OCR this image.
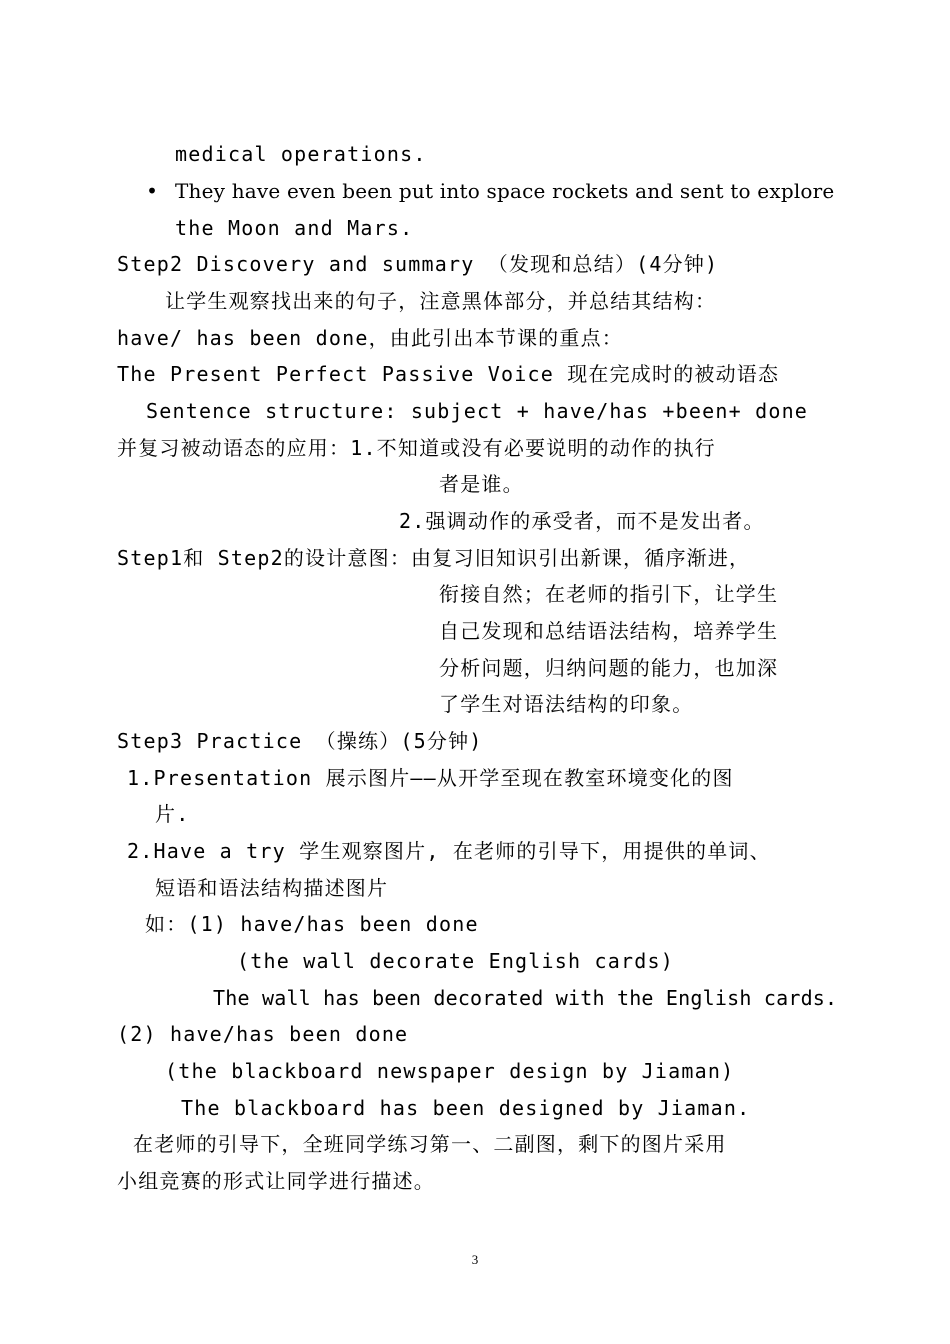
medical operations.
• They have even been put into space rockets and sent to explore
the Moon and Mars.
Step2 Discovery and summary （发现和总结）(4分钟)
让学生观察找出来的句子，注意黑体部分，并总结其结构：
have/ has been done，由此引出本节课的重点：
The Present Perfect Passive Voice 现在完成时的被动语态
Sentence structure: subject + have/has +been+ done
并复习被动语态的应用：1.不知道或没有必要说明的动作的执行
者是谁。
2.强调动作的承受者，而不是发出者。
Step1和 Step2的设计意图：由复习旧知识引出新课，循序渐进，
衔接自然；在老师的指引下，让学生
自己发现和总结语法结构，培养学生
分析问题，归纳问题的能力，也加深
了学生对语法结构的印象。
Step3 Practice （操练）(5分钟)
1.Presentation 展示图片——从开学至现在教室环境变化的图
片.
2.Have a try 学生观察图片, 在老师的引导下，用提供的单词、
短语和语法结构描述图片
如：(1) have/has been done
(the wall decorate English cards)
The wall has been decorated with the English cards.
(2) have/has been done
(the blackboard newspaper design by Jiaman)
The blackboard has been designed by Jiaman.
在老师的引导下，全班同学练习第一、二副图，剩下的图片采用
小组竞赛的形式让同学进行描述。
3
